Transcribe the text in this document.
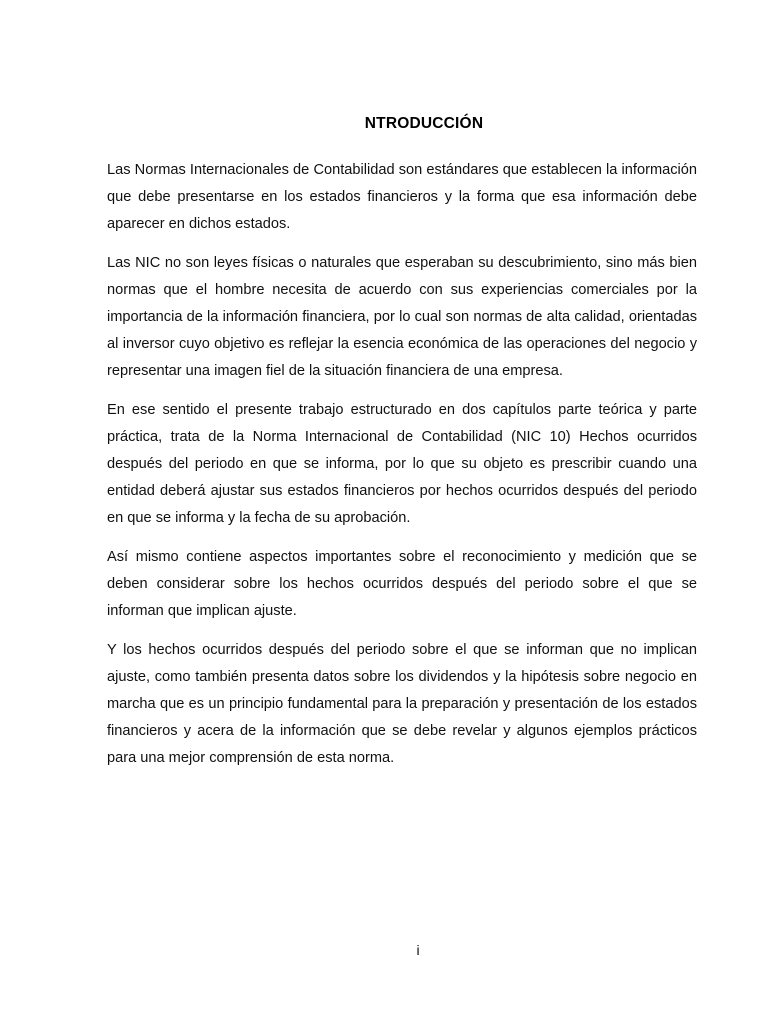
NTRODUCCIÓN

Las Normas Internacionales de Contabilidad son estándares que establecen la información que debe presentarse en los estados financieros y la forma que esa información debe aparecer en dichos estados.

Las NIC no son leyes físicas o naturales que esperaban su descubrimiento, sino más bien normas que el hombre necesita de acuerdo con sus experiencias comerciales por la importancia de la información financiera, por lo cual son normas de alta calidad, orientadas al inversor cuyo objetivo es reflejar la esencia económica de las operaciones del negocio y representar una imagen fiel de la situación financiera de una empresa.

En ese sentido el presente trabajo estructurado en dos capítulos parte teórica y parte práctica, trata de la Norma Internacional de Contabilidad (NIC 10) Hechos ocurridos después del periodo en que se informa, por lo que su objeto es prescribir cuando una entidad deberá ajustar sus estados financieros por hechos ocurridos después del periodo en que se informa y la fecha de su aprobación.

Así mismo contiene aspectos importantes sobre el reconocimiento y medición que se deben considerar sobre los hechos ocurridos después del periodo sobre el que se informan que implican ajuste.

Y los hechos ocurridos después del periodo sobre el que se informan que no implican ajuste, como también presenta datos sobre los dividendos y la hipótesis sobre negocio en marcha que es un principio fundamental para la preparación y presentación de los estados financieros y acera de la información que se debe revelar y algunos ejemplos prácticos para una mejor comprensión de esta norma.

i
